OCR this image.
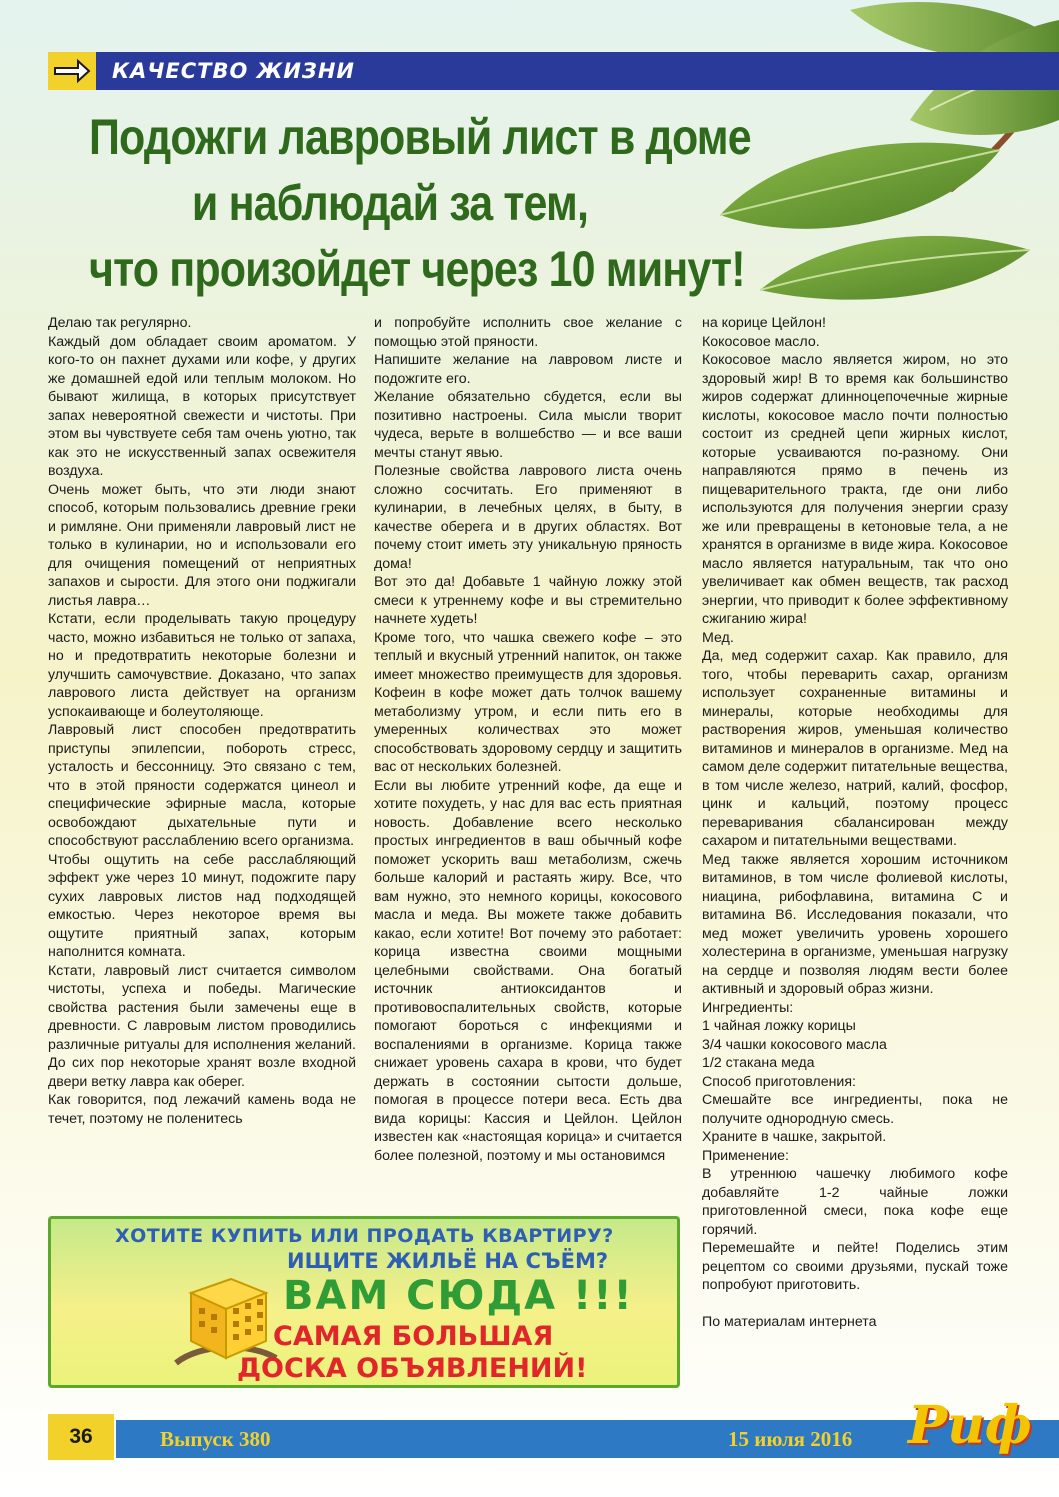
КАЧЕСТВО ЖИЗНИ
Подожги лавровый лист в доме
и наблюдай за тем,
что произойдет через 10 минут!

Делаю так регулярно.

Каждый дом обладает своим ароматом. У кого-то он пахнет духами или кофе, у других же домашней едой или теплым молоком. Но бывают жилища, в которых присутствует запах невероятной свежести и чистоты. При этом вы чувствуете себя там очень уютно, так как это не искусственный запах освежителя воздуха.

Очень может быть, что эти люди знают способ, которым пользовались древние греки и римляне. Они применяли лавровый лист не только в кулинарии, но и использовали его для очищения помещений от неприятных запахов и сырости. Для этого они поджигали листья лавра…

Кстати, если проделывать такую процедуру часто, можно избавиться не только от запаха, но и предотвратить некоторые болезни и улучшить самочувствие. Доказано, что запах лаврового листа действует на организм успокаивающе и болеутоляюще.

Лавровый лист способен предотвратить приступы эпилепсии, побороть стресс, усталость и бессонницу. Это связано с тем, что в этой пряности содержатся цинеол и специфические эфирные масла, которые освобождают дыхательные пути и способствуют расслаблению всего организма.

Чтобы ощутить на себе расслабляющий эффект уже через 10 минут, подожгите пару сухих лавровых листов над подходящей емкостью. Через некоторое время вы ощутите приятный запах, которым наполнится комната.

Кстати, лавровый лист считается символом чистоты, успеха и победы. Магические свойства растения были замечены еще в древности. С лавровым листом проводились различные ритуалы для исполнения желаний. До сих пор некоторые хранят возле входной двери ветку лавра как оберег.

Как говорится, под лежачий камень вода не течет, поэтому не поленитесь

и попробуйте исполнить свое желание с помощью этой пряности.

Напишите желание на лавровом листе и подожгите его.

Желание обязательно сбудется, если вы позитивно настроены. Сила мысли творит чудеса, верьте в волшебство — и все ваши мечты станут явью.

Полезные свойства лаврового листа очень сложно сосчитать. Его применяют в кулинарии, в лечебных целях, в быту, в качестве оберега и в других областях. Вот почему стоит иметь эту уникальную пряность дома!

Вот это да! Добавьте 1 чайную ложку этой смеси к утреннему кофе и вы стремительно начнете худеть!

Кроме того, что чашка свежего кофе – это теплый и вкусный утренний напиток, он также имеет множество преимуществ для здоровья. Кофеин в кофе может дать толчок вашему метаболизму утром, и если пить его в умеренных количествах это может способствовать здоровому сердцу и защитить вас от нескольких болезней.

Если вы любите утренний кофе, да еще и хотите похудеть, у нас для вас есть приятная новость. Добавление всего несколько простых ингредиентов в ваш обычный кофе поможет ускорить ваш метаболизм, сжечь больше калорий и растаять жиру. Все, что вам нужно, это немного корицы, кокосового масла и меда. Вы можете также добавить какао, если хотите! Вот почему это работает: корица известна своими мощными целебными свойствами. Она богатый источник антиоксидантов и противовоспалительных свойств, которые помогают бороться с инфекциями и воспалениями в организме. Корица также снижает уровень сахара в крови, что будет держать в состоянии сытости дольше, помогая в процессе потери веса. Есть два вида корицы: Кассия и Цейлон. Цейлон известен как «настоящая корица» и считается более полезной, поэтому и мы остановимся

на корице Цейлон!

Кокосовое масло.

Кокосовое масло является жиром, но это здоровый жир! В то время как большинство жиров содержат длинноцепочечные жирные кислоты, кокосовое масло почти полностью состоит из средней цепи жирных кислот, которые усваиваются по-разному. Они направляются прямо в печень из пищеварительного тракта, где они либо используются для получения энергии сразу же или превращены в кетоновые тела, а не хранятся в организме в виде жира. Кокосовое масло является натуральным, так что оно увеличивает как обмен веществ, так расход энергии, что приводит к более эффективному сжиганию жира!

Мед.

Да, мед содержит сахар. Как правило, для того, чтобы переварить сахар, организм использует сохраненные витамины и минералы, которые необходимы для растворения жиров, уменьшая количество витаминов и минералов в организме. Мед на самом деле содержит питательные вещества, в том числе железо, натрий, калий, фосфор, цинк и кальций, поэтому процесс переваривания сбалансирован между сахаром и питательными веществами.

Мед также является хорошим источником витаминов, в том числе фолиевой кислоты, ниацина, рибофлавина, витамина С и витамина В6. Исследования показали, что мед может увеличить уровень хорошего холестерина в организме, уменьшая нагрузку на сердце и позволяя людям вести более активный и здоровый образ жизни.

Ингредиенты:

1 чайная ложку корицы

3/4 чашки кокосового масла

1/2 стакана меда

Способ приготовления:

Смешайте все ингредиенты, пока не получите однородную смесь.

Храните в чашке, закрытой.

Применение:

В утреннюю чашечку любимого кофе добавляйте 1-2 чайные ложки приготовленной смеси, пока кофе еще горячий.

Перемешайте и пейте! Поделись этим рецептом со своими друзьями, пускай тоже попробуют приготовить.

По материалам интернета

ХОТИТЕ КУПИТЬ ИЛИ ПРОДАТЬ КВАРТИРУ?
ИЩИТЕ ЖИЛЬЁ НА СЪЁМ?
ВАМ СЮДА !!!
САМАЯ БОЛЬШАЯ
ДОСКА ОБЪЯВЛЕНИЙ!
36	Выпуск 380	15 июля 2016 Риф
